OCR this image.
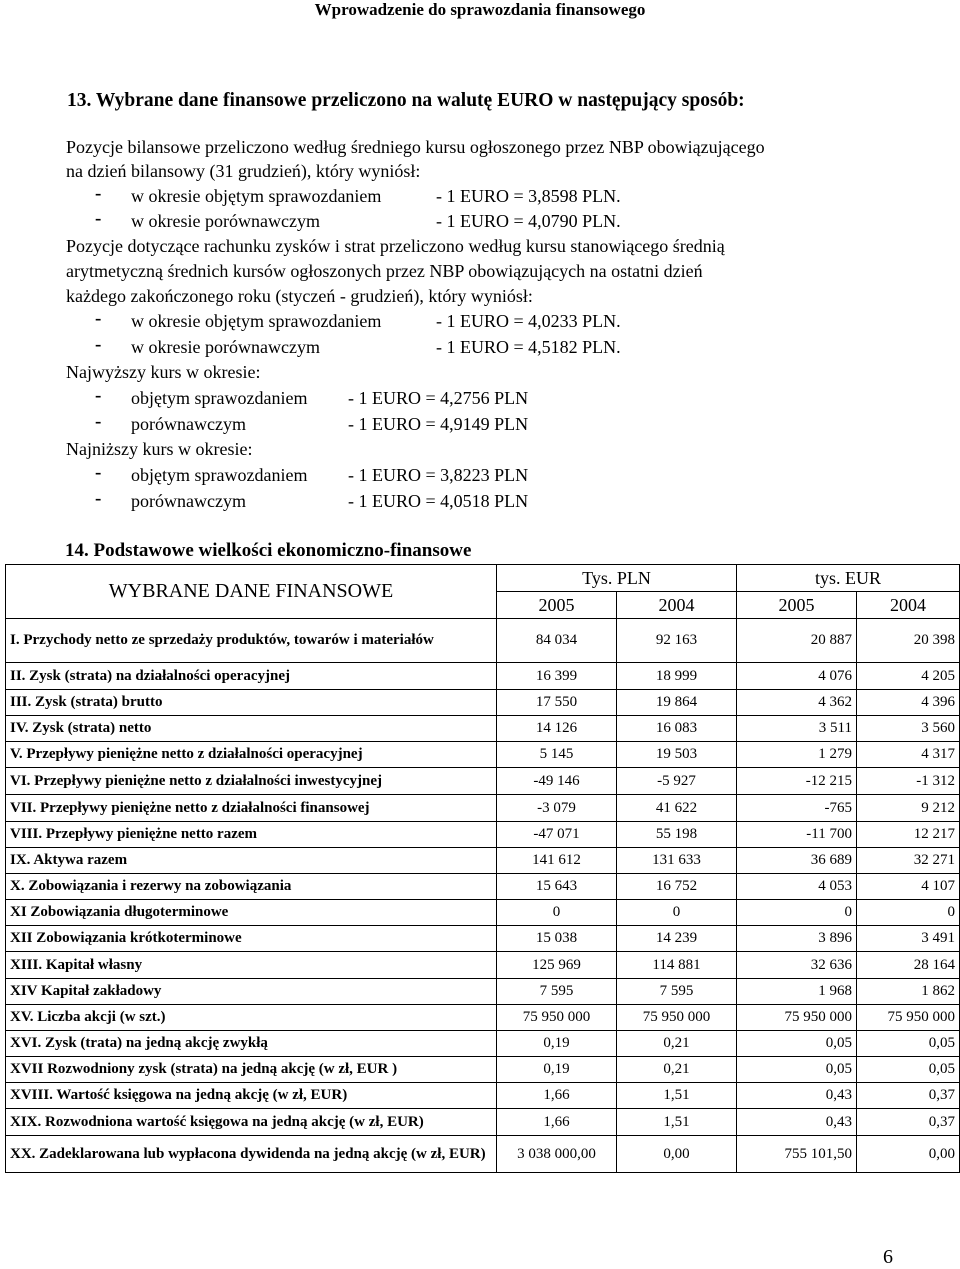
Wprowadzenie do sprawozdania finansowego
13. Wybrane dane finansowe przeliczono na walutę EURO w następujący sposób:
Pozycje bilansowe przeliczono według średniego kursu ogłoszonego przez NBP obowiązującego
na dzień bilansowy (31 grudzień), który wyniósł:
- w okresie objętym sprawozdaniem	- 1 EURO = 3,8598 PLN.
- w okresie porównawczym	- 1 EURO = 4,0790 PLN.
Pozycje dotyczące rachunku zysków i strat przeliczono według kursu stanowiącego średnią
arytmetyczną średnich kursów ogłoszonych przez NBP obowiązujących na ostatni dzień
każdego zakończonego roku (styczeń - grudzień), który wyniósł:
- w okresie objętym sprawozdaniem	- 1 EURO = 4,0233 PLN.
- w okresie porównawczym	- 1 EURO = 4,5182 PLN.
Najwyższy kurs w okresie:
- objętym sprawozdaniem - 1 EURO = 4,2756 PLN
- porównawczym	- 1 EURO = 4,9149 PLN
Najniższy kurs w okresie:
- objętym sprawozdaniem - 1 EURO = 3,8223 PLN
- porównawczym	- 1 EURO = 4,0518 PLN
14. Podstawowe wielkości ekonomiczno-finansowe
WYBRANE DANE FINANSOWE	Tys. PLN		tys. EUR	
	2005	2004	2005	2004
I. Przychody netto ze sprzedaży produktów, towarów i materiałów	84 034	92 163	20 887	20 398
II. Zysk (strata) na działalności operacyjnej	16 399	18 999	4 076	4 205
III. Zysk (strata) brutto	17 550	19 864	4 362	4 396
IV. Zysk (strata) netto	14 126	16 083	3 511	3 560
V. Przepływy pieniężne netto z działalności operacyjnej	5 145	19 503	1 279	4 317
VI. Przepływy pieniężne netto z działalności inwestycyjnej	-49 146	-5 927	-12 215	-1 312
VII. Przepływy pieniężne netto z działalności finansowej	-3 079	41 622	-765	9 212
VIII. Przepływy pieniężne netto razem	-47 071	55 198	-11 700	12 217
IX. Aktywa razem	141 612	131 633	36 689	32 271
X. Zobowiązania i rezerwy na zobowiązania	15 643	16 752	4 053	4 107
XI Zobowiązania długoterminowe	0	0	0	0
XII Zobowiązania krótkoterminowe	15 038	14 239	3 896	3 491
XIII. Kapitał własny	125 969	114 881	32 636	28 164
XIV Kapitał zakładowy	7 595	7 595	1 968	1 862
XV. Liczba akcji (w szt.)	75 950 000	75 950 000	75 950 000	75 950 000
XVI. Zysk (trata) na jedną akcję zwykłą	0,19	0,21	0,05	0,05
XVII Rozwodniony zysk (strata) na jedną akcję (w zł, EUR )	0,19	0,21	0,05	0,05
XVIII. Wartość księgowa na jedną akcję (w zł, EUR)	1,66	1,51	0,43	0,37
XIX. Rozwodniona wartość księgowa na jedną akcję (w zł, EUR)	1,66	1,51	0,43	0,37
XX. Zadeklarowana lub wypłacona dywidenda na jedną akcję (w zł, EUR)	3 038 000,00	0,00	755 101,50	0,00
6
